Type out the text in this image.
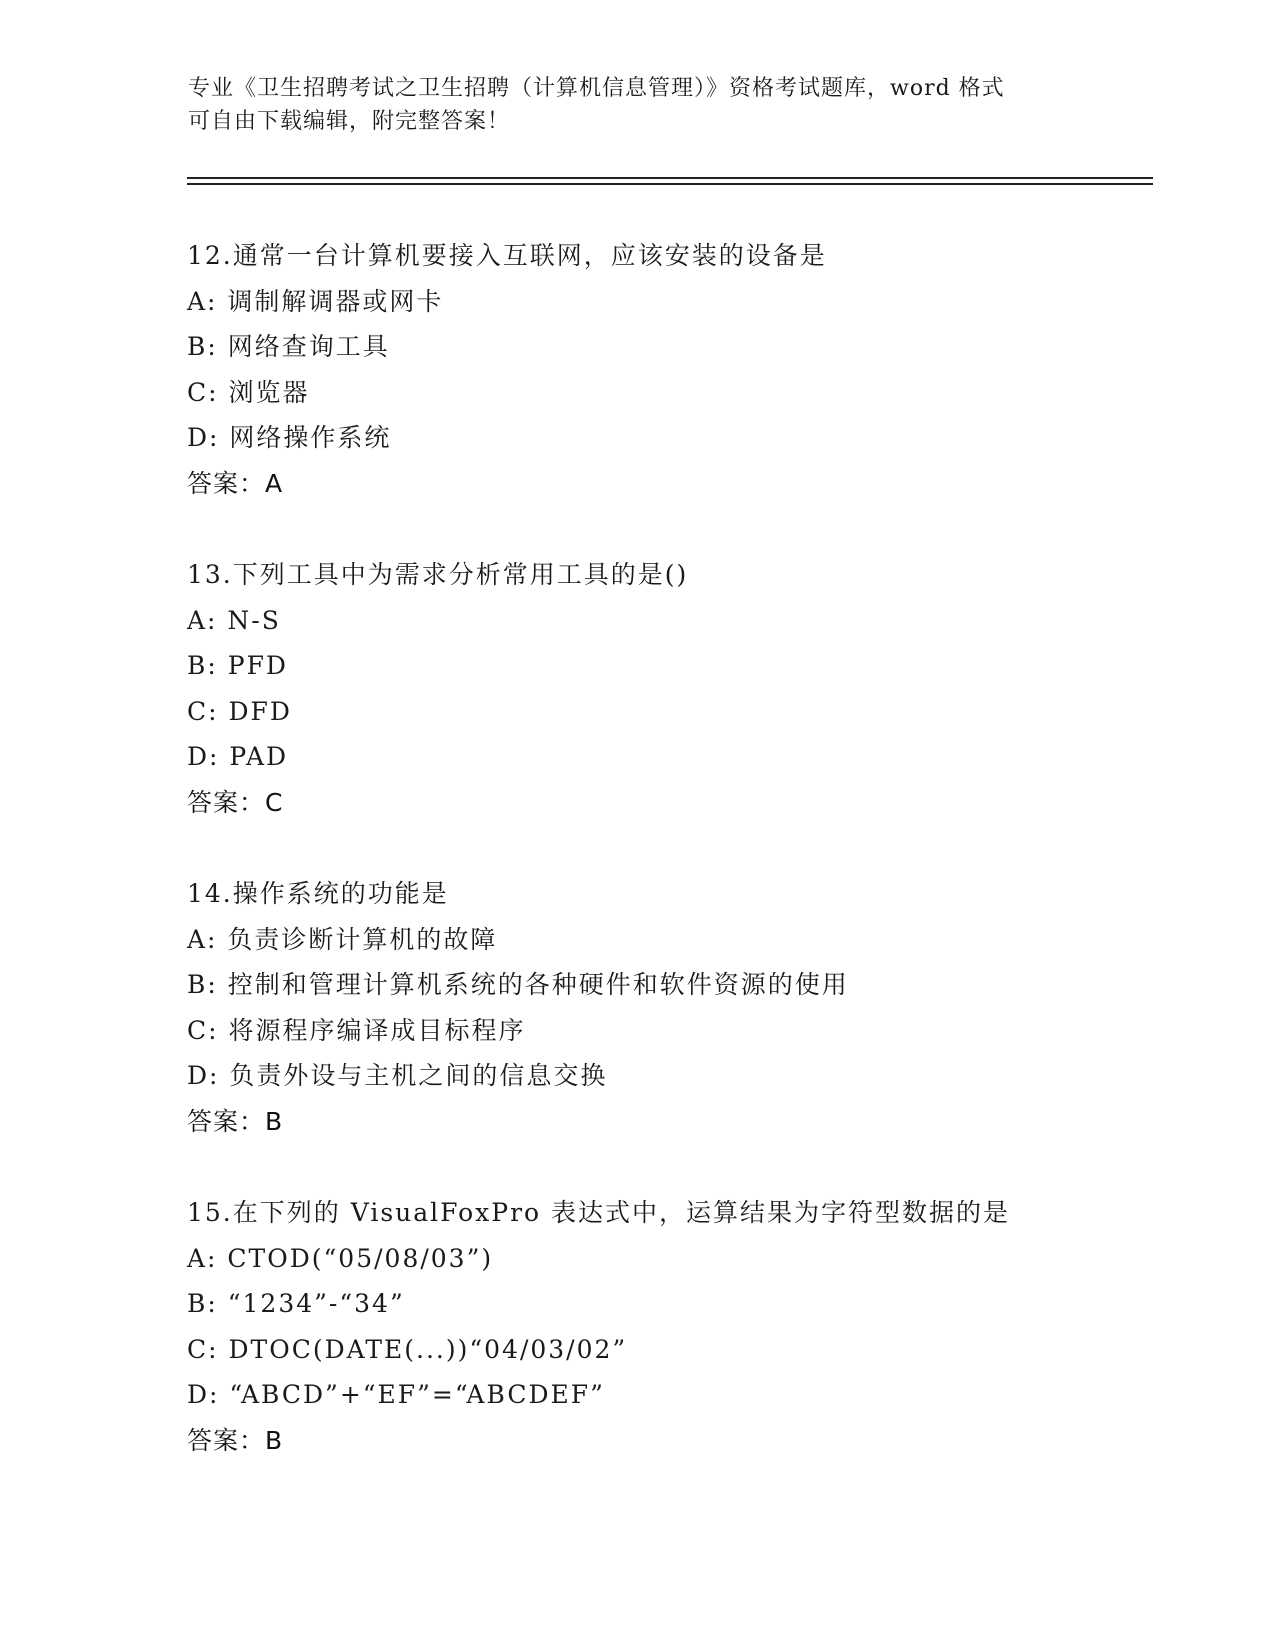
专业《卫生招聘考试之卫生招聘（计算机信息管理）》资格考试题库，word 格式
可自由下载编辑，附完整答案！
12.通常一台计算机要接入互联网，应该安装的设备是
A: 调制解调器或网卡
B: 网络查询工具
C: 浏览器
D: 网络操作系统
答案：A
13.下列工具中为需求分析常用工具的是()
A: N-S
B: PFD
C: DFD
D: PAD
答案：C
14.操作系统的功能是
A: 负责诊断计算机的故障
B: 控制和管理计算机系统的各种硬件和软件资源的使用
C: 将源程序编译成目标程序
D: 负责外设与主机之间的信息交换
答案：B
15.在下列的 VisualFoxPro 表达式中，运算结果为字符型数据的是
A: CTOD(“05/08/03”)
B: “1234”-“34”
C: DTOC(DATE(...))“04/03/02”
D: “ABCD”+“EF”=“ABCDEF”
答案：B
